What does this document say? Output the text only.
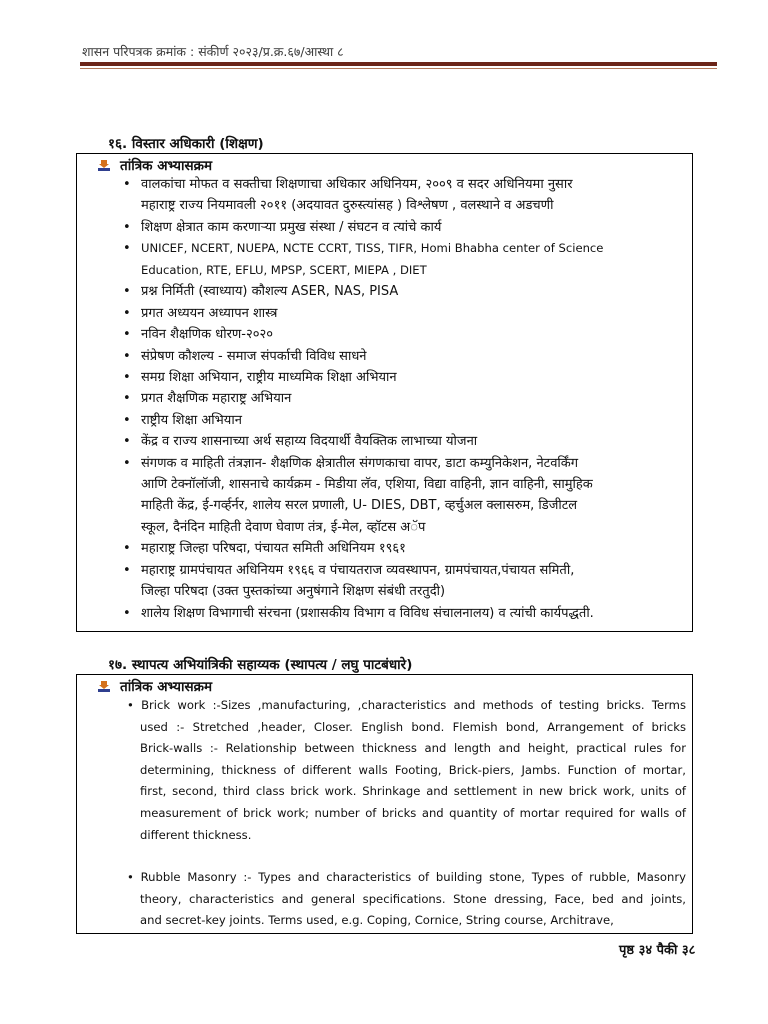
शासन परिपत्रक क्रमांक : संकीर्ण २०२३/प्र.क्र.६७/आस्था ८
१६. विस्तार अधिकारी (शिक्षण)
तांत्रिक अभ्यासक्रम
• वालकांचा मोफत व सक्तीचा शिक्षणाचा अधिकार अधिनियम, २००९ व सदर अधिनियमा नुसार
महाराष्ट्र राज्य नियमावली २०११ (अदयावत दुरुस्त्यांसह ) विश्लेषण , वलस्थाने व अडचणी
• शिक्षण क्षेत्रात काम करणाऱ्या प्रमुख संस्था / संघटन व त्यांचे कार्य
• UNICEF, NCERT, NUEPA, NCTE CCRT, TISS, TIFR, Homi Bhabha center of Science
Education, RTE, EFLU, MPSP, SCERT, MIEPA , DIET
• प्रश्न निर्मिती (स्वाध्याय) कौशल्य ASER, NAS, PISA
• प्रगत अध्ययन अध्यापन शास्त्र
• नविन शैक्षणिक धोरण-२०२०
• संप्रेषण कौशल्य - समाज संपर्काची विविध साधने
• समग्र शिक्षा अभियान, राष्ट्रीय माध्यमिक शिक्षा अभियान
• प्रगत शैक्षणिक महाराष्ट्र अभियान
• राष्ट्रीय शिक्षा अभियान
• केंद्र व राज्य शासनाच्या अर्थ सहाय्य विदयार्थी वैयक्तिक लाभाच्या योजना
• संगणक व माहिती तंत्रज्ञान- शैक्षणिक क्षेत्रातील संगणकाचा वापर, डाटा कम्युनिकेशन, नेटवर्किंग
आणि टेक्नॉलॉजी, शासनाचे कार्यक्रम - मिडीया लॅव, एशिया, विद्या वाहिनी, ज्ञान वाहिनी, सामुहिक
माहिती केंद्र, ई-गर्व्हर्नर, शालेय सरल प्रणाली, U- DIES, DBT, व्हर्चुअल क्लासरुम, डिजीटल
स्कूल, दैनंदिन माहिती देवाण घेवाण तंत्र, ई-मेल, व्हॉटस अॅप
• महाराष्ट्र जिल्हा परिषदा, पंचायत समिती अधिनियम १९६१
• महाराष्ट्र ग्रामपंचायत अधिनियम १९६६ व पंचायतराज व्यवस्थापन, ग्रामपंचायत,पंचायत समिती,
जिल्हा परिषदा (उक्त पुस्तकांच्या अनुषंगाने शिक्षण संबंधी तरतुदी)
• शालेय शिक्षण विभागाची संरचना (प्रशासकीय विभाग व विविध संचालनालय) व त्यांची कार्यपद्धती.
१७. स्थापत्य अभियांत्रिकी सहाय्यक (स्थापत्य / लघु पाटबंधारे)
तांत्रिक अभ्यासक्रम
• Brick work :-Sizes ,manufacturing, ,characteristics and methods of testing bricks. Terms
used :- Stretched ,header, Closer. English bond. Flemish bond, Arrangement of bricks
Brick-walls :- Relationship between thickness and length and height, practical rules for
determining, thickness of different walls Footing, Brick-piers, Jambs. Function of mortar,
first, second, third class brick work. Shrinkage and settlement in new brick work, units of
measurement of brick work; number of bricks and quantity of mortar required for walls of
different thickness.
• Rubble Masonry :- Types and characteristics of building stone, Types of rubble, Masonry
theory, characteristics and general specifications. Stone dressing, Face, bed and joints,
and secret-key joints. Terms used, e.g. Coping, Cornice, String course, Architrave,
पृष्ठ ३४ पैकी ३८
